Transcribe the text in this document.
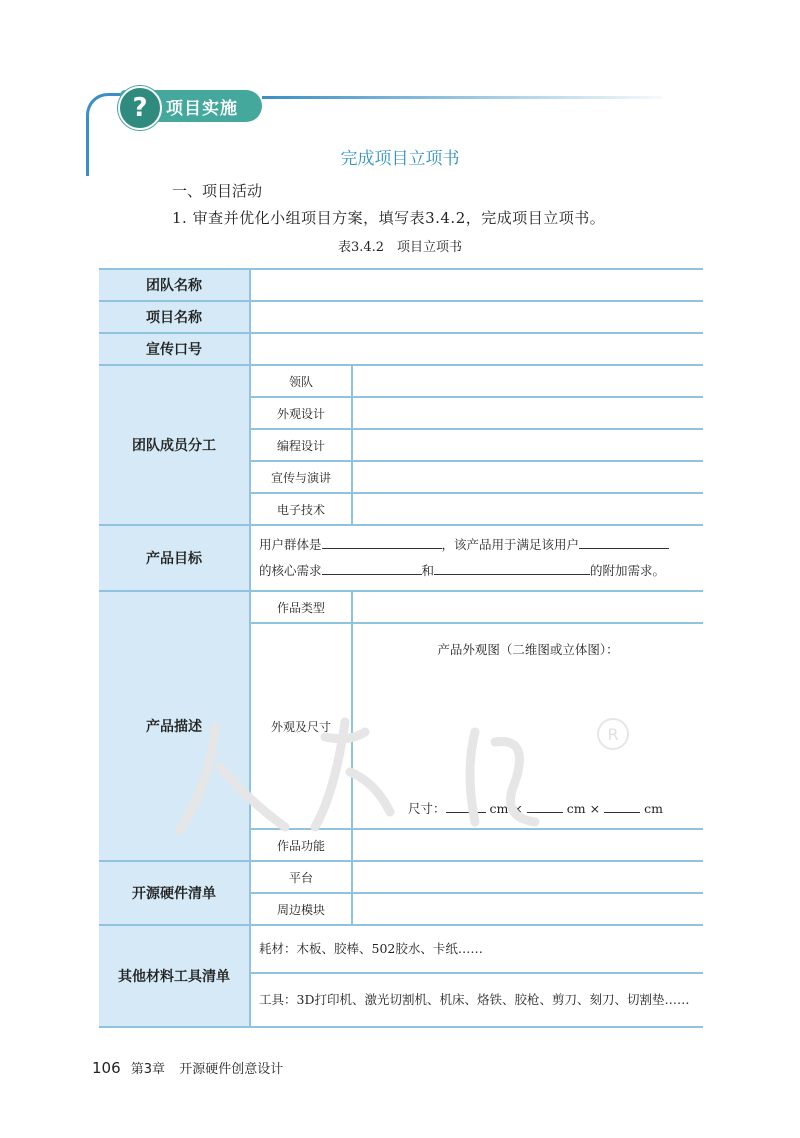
?	项目实施
完成项目立项书
一、项目活动
1. 审查并优化小组项目方案，填写表3.4.2，完成项目立项书。
表3.4.2　项目立项书
团队名称		
项目名称		
宣传口号		
团队成员分工	领队	
	外观设计	
	编程设计	
	宣传与演讲	
	电子技术	
产品目标	用户群体是 ，该产品用于满足该用户
的核心需求 和 的附加需求。	
产品描述	作品类型	
	外观及尺寸	产品外观图（二维图或立体图）：
尺寸： cm × cm × cm

	作品功能	
开源硬件清单	平台	
	周边模块	
其他材料工具清单	耗材：木板、胶棒、502胶水、卡纸……	
	工具：3D打印机、激光切割机、机床、烙铁、胶枪、剪刀、刻刀、切割垫……	
R
106 第3章 开源硬件创意设计
